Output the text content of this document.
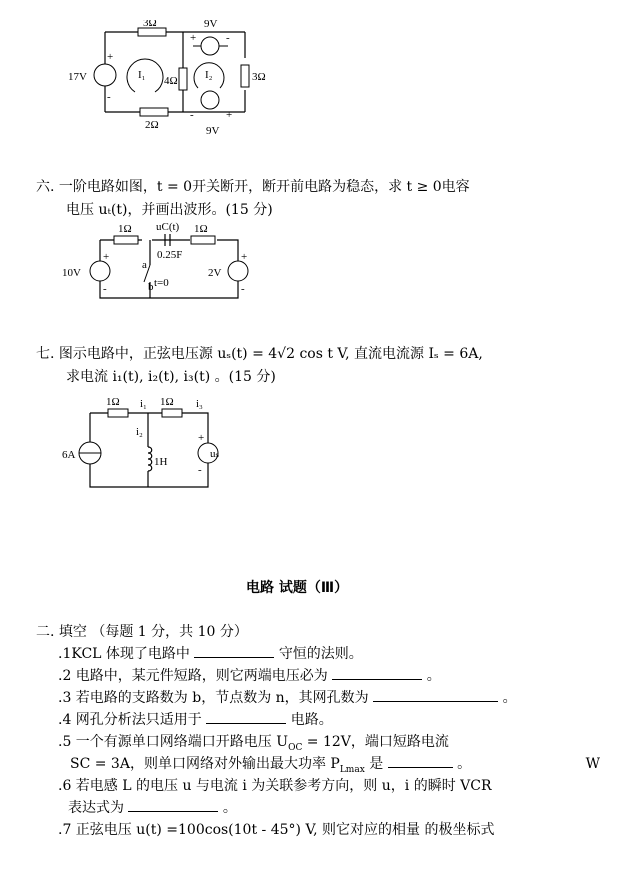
3Ω
2Ω
4Ω	3Ω
17V
9V
9V
I₁	I₂
+
-
+	-
-	+
六. 一阶电路如图，t = 0开关断开，断开前电路为稳态，求 t ≥ 0电容
电压 uₜ(t)，并画出波形。(15 分)
1Ω	1Ω
uC(t)
0.25F
10V	2V
t=0
a
b
+
-
+
-
七. 图示电路中，正弦电压源 uₛ(t) = 4√2 cos t V, 直流电流源 Iₛ = 6A,
求电流 i₁(t), i₂(t), i₃(t) 。(15 分)
1Ω	1Ω
6A
1H
uₛ
i₁
i₂
i₃
+
-
电路 试题（Ⅲ）
二. 填空 （每题 1 分，共 10 分）
.1KCL 体现了电路中	守恒的法则。
.2 电路中，某元件短路，则它两端电压必为	。
.3 若电路的支路数为 b，节点数为 n，其网孔数为	。
.4 网孔分析法只适用于	电路。
.5 一个有源单口网络端口开路电压 $U_{OC} = 12V$，端口短路电流
SC = 3A，则单口网络对外输出最大功率 $P_{Lmax}$ 是	。	W
.6 若电感 L 的电压 u 与电流 i 为关联参考方向，则 u，i 的瞬时 VCR
表达式为	。
.7 正弦电压 u(t) =100cos(10t - 45°) V, 则它对应的相量 的极坐标式
